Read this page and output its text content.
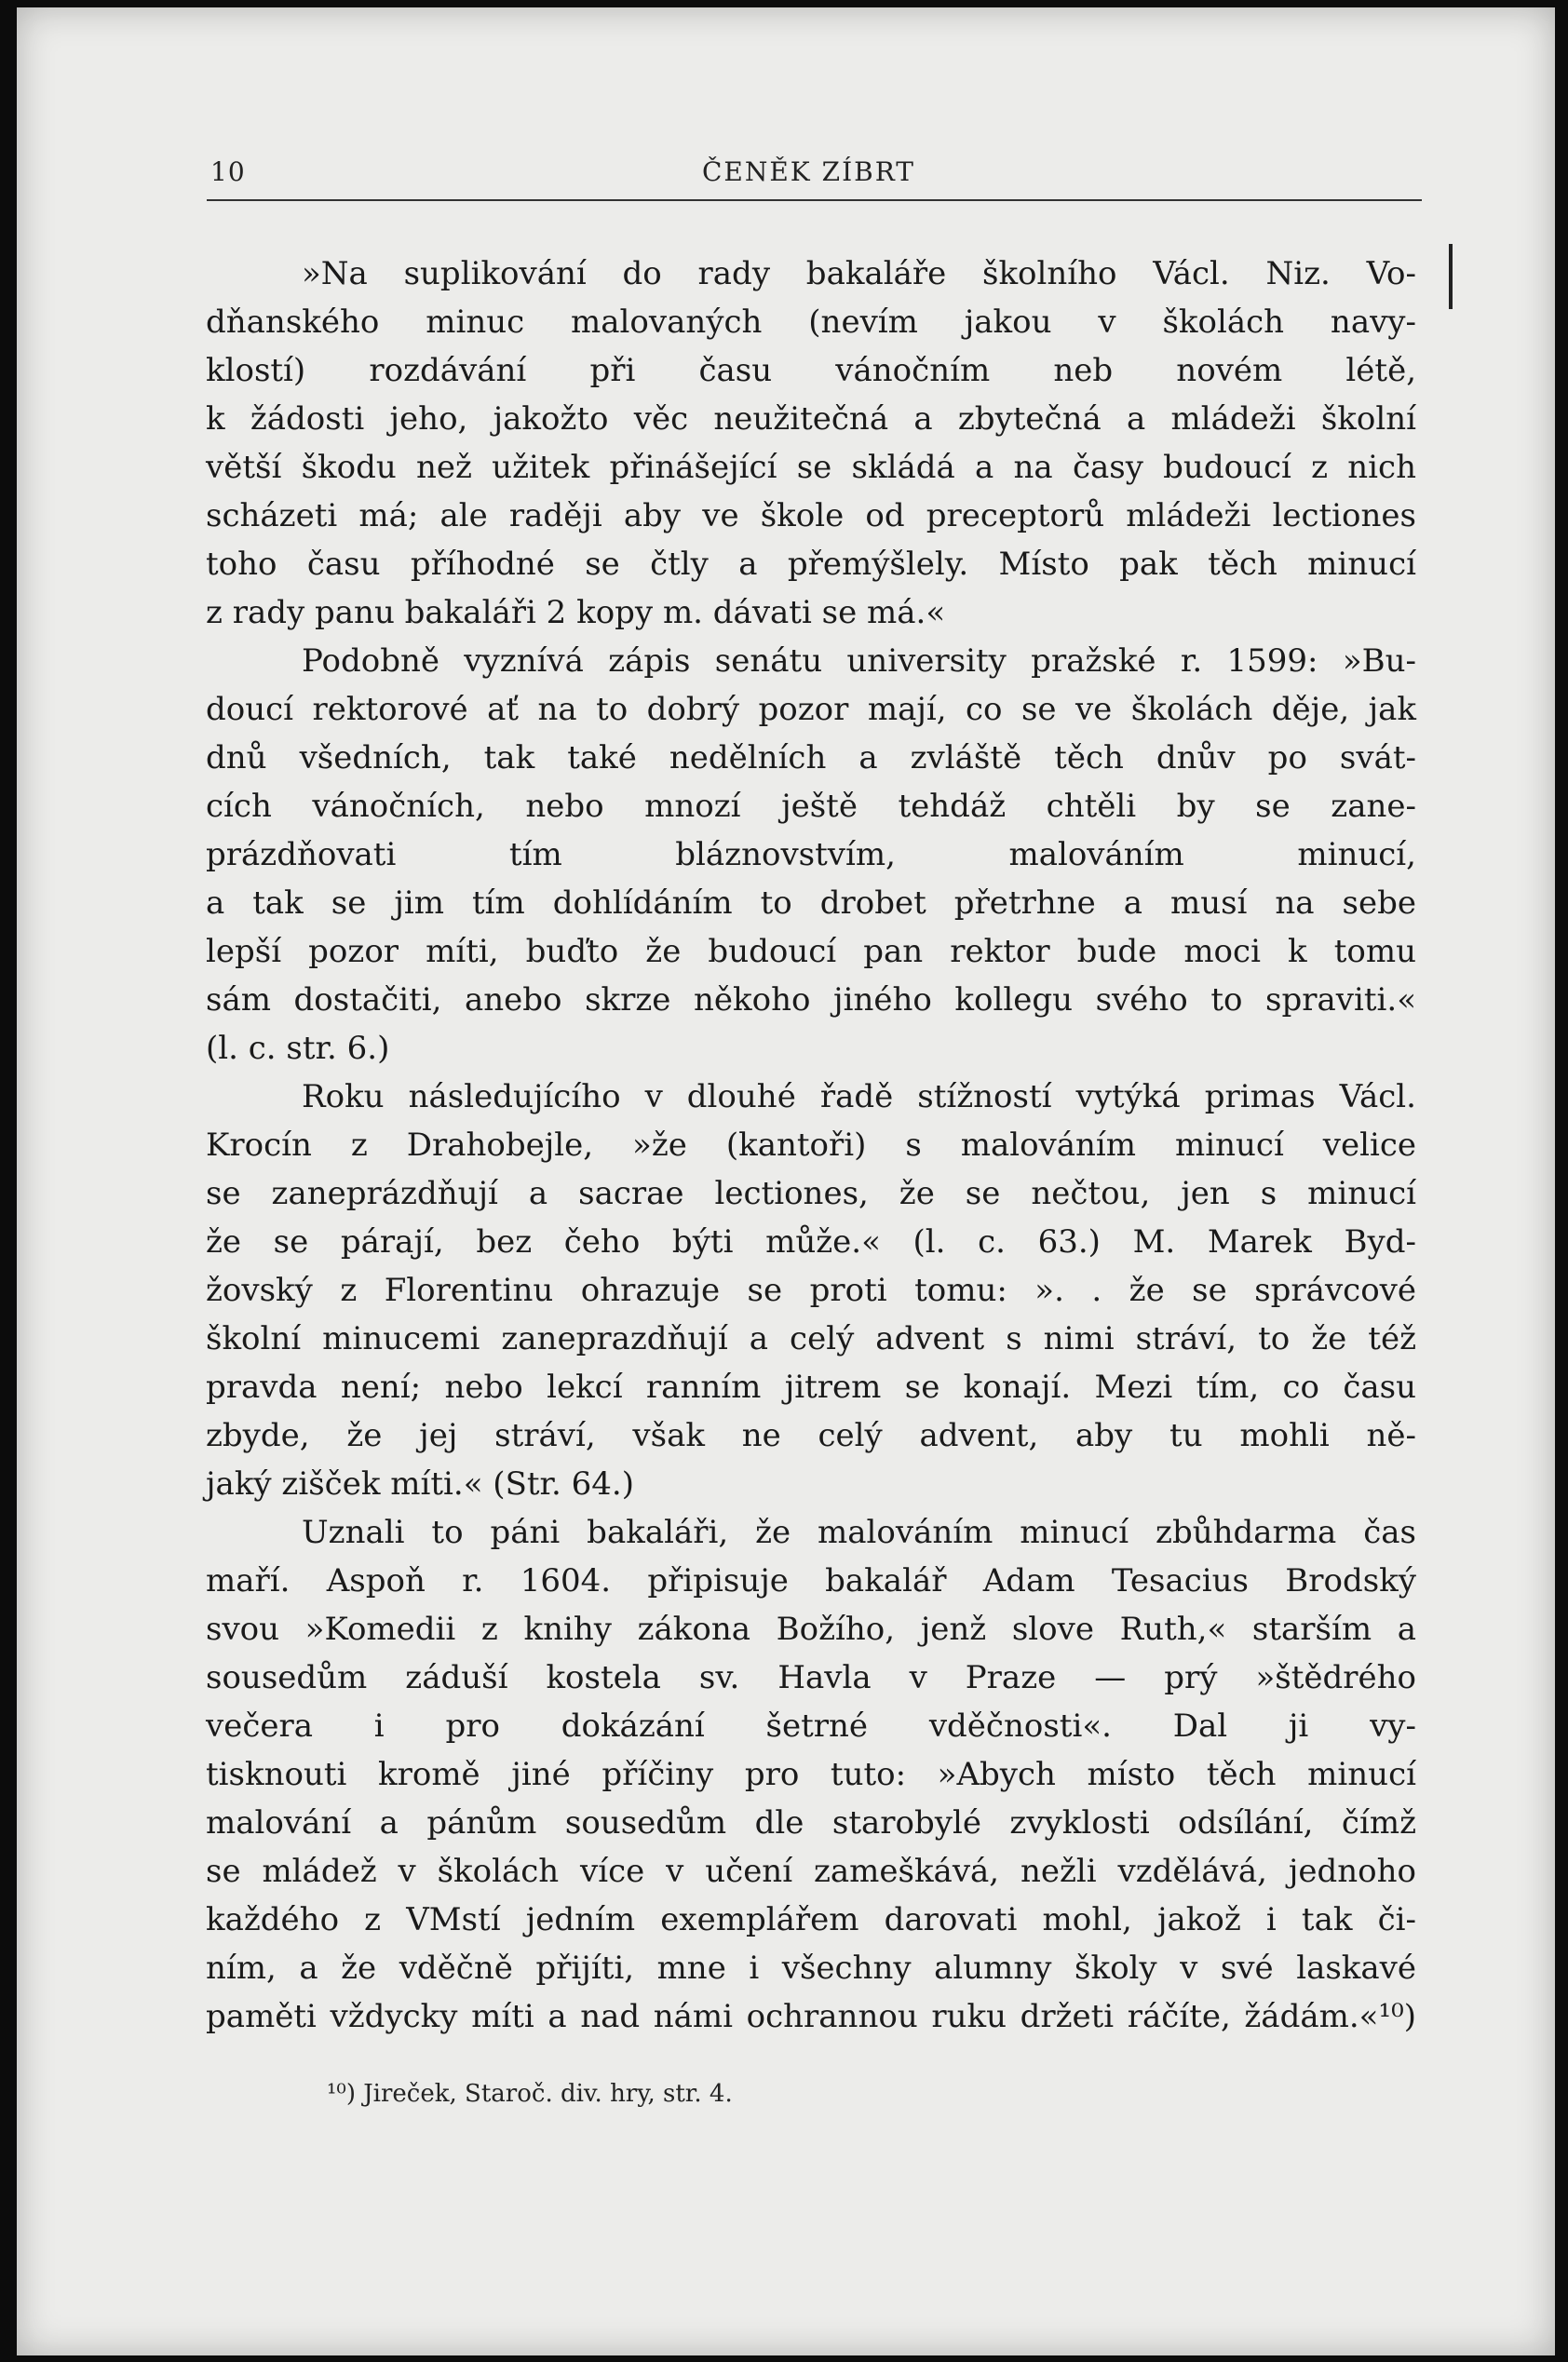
10	ČENĚK ZÍBRT
»Na suplikování do rady bakaláře školního Václ. Niz. Vo-
dňanského minuc malovaných (nevím jakou v školách navy-
klostí) rozdávání při času vánočním neb novém létě,
k žádosti jeho, jakožto věc neužitečná a zbytečná a mládeži školní
větší škodu než užitek přinášející se skládá a na časy budoucí z nich
scházeti má; ale raději aby ve škole od preceptorů mládeži lectiones
toho času příhodné se čtly a přemýšlely. Místo pak těch minucí
z rady panu bakaláři 2 kopy m. dávati se má.«
Podobně vyznívá zápis senátu university pražské r. 1599: »Bu-
doucí rektorové ať na to dobrý pozor mají, co se ve školách děje, jak
dnů všedních, tak také nedělních a zvláště těch dnův po svát-
cích vánočních, nebo mnozí ještě tehdáž chtěli by se zane-
prázdňovati tím bláznovstvím, malováním minucí,
a tak se jim tím dohlídáním to drobet přetrhne a musí na sebe
lepší pozor míti, buďto že budoucí pan rektor bude moci k tomu
sám dostačiti, anebo skrze někoho jiného kollegu svého to spraviti.«
(l. c. str. 6.)
Roku následujícího v dlouhé řadě stížností vytýká primas Václ.
Krocín z Drahobejle, »že (kantoři) s malováním minucí velice
se zaneprázdňují a sacrae lectiones, že se nečtou, jen s minucí
že se párají, bez čeho býti může.« (l. c. 63.) M. Marek Byd-
žovský z Florentinu ohrazuje se proti tomu: ». . že se správcové
školní minucemi zaneprazdňují a celý advent s nimi stráví, to že též
pravda není; nebo lekcí ranním jitrem se konají. Mezi tím, co času
zbyde, že jej stráví, však ne celý advent, aby tu mohli ně-
jaký zišček míti.« (Str. 64.)
Uznali to páni bakaláři, že malováním minucí zbůhdarma čas
maří. Aspoň r. 1604. připisuje bakalář Adam Tesacius Brodský
svou »Komedii z knihy zákona Božího, jenž slove Ruth,« starším a
sousedům záduší kostela sv. Havla v Praze — prý »štědrého
večera i pro dokázání šetrné vděčnosti«. Dal ji vy-
tisknouti kromě jiné příčiny pro tuto: »Abych místo těch minucí
malování a pánům sousedům dle starobylé zvyklosti odsílání, čímž
se mládež v školách více v učení zameškává, nežli vzdělává, jednoho
každého z VMstí jedním exemplářem darovati mohl, jakož i tak či-
ním, a že vděčně přijíti, mne i všechny alumny školy v své laskavé
paměti vždycky míti a nad námi ochrannou ruku držeti ráčíte, žádám.«¹⁰)
¹⁰) Jireček, Staroč. div. hry, str. 4.
